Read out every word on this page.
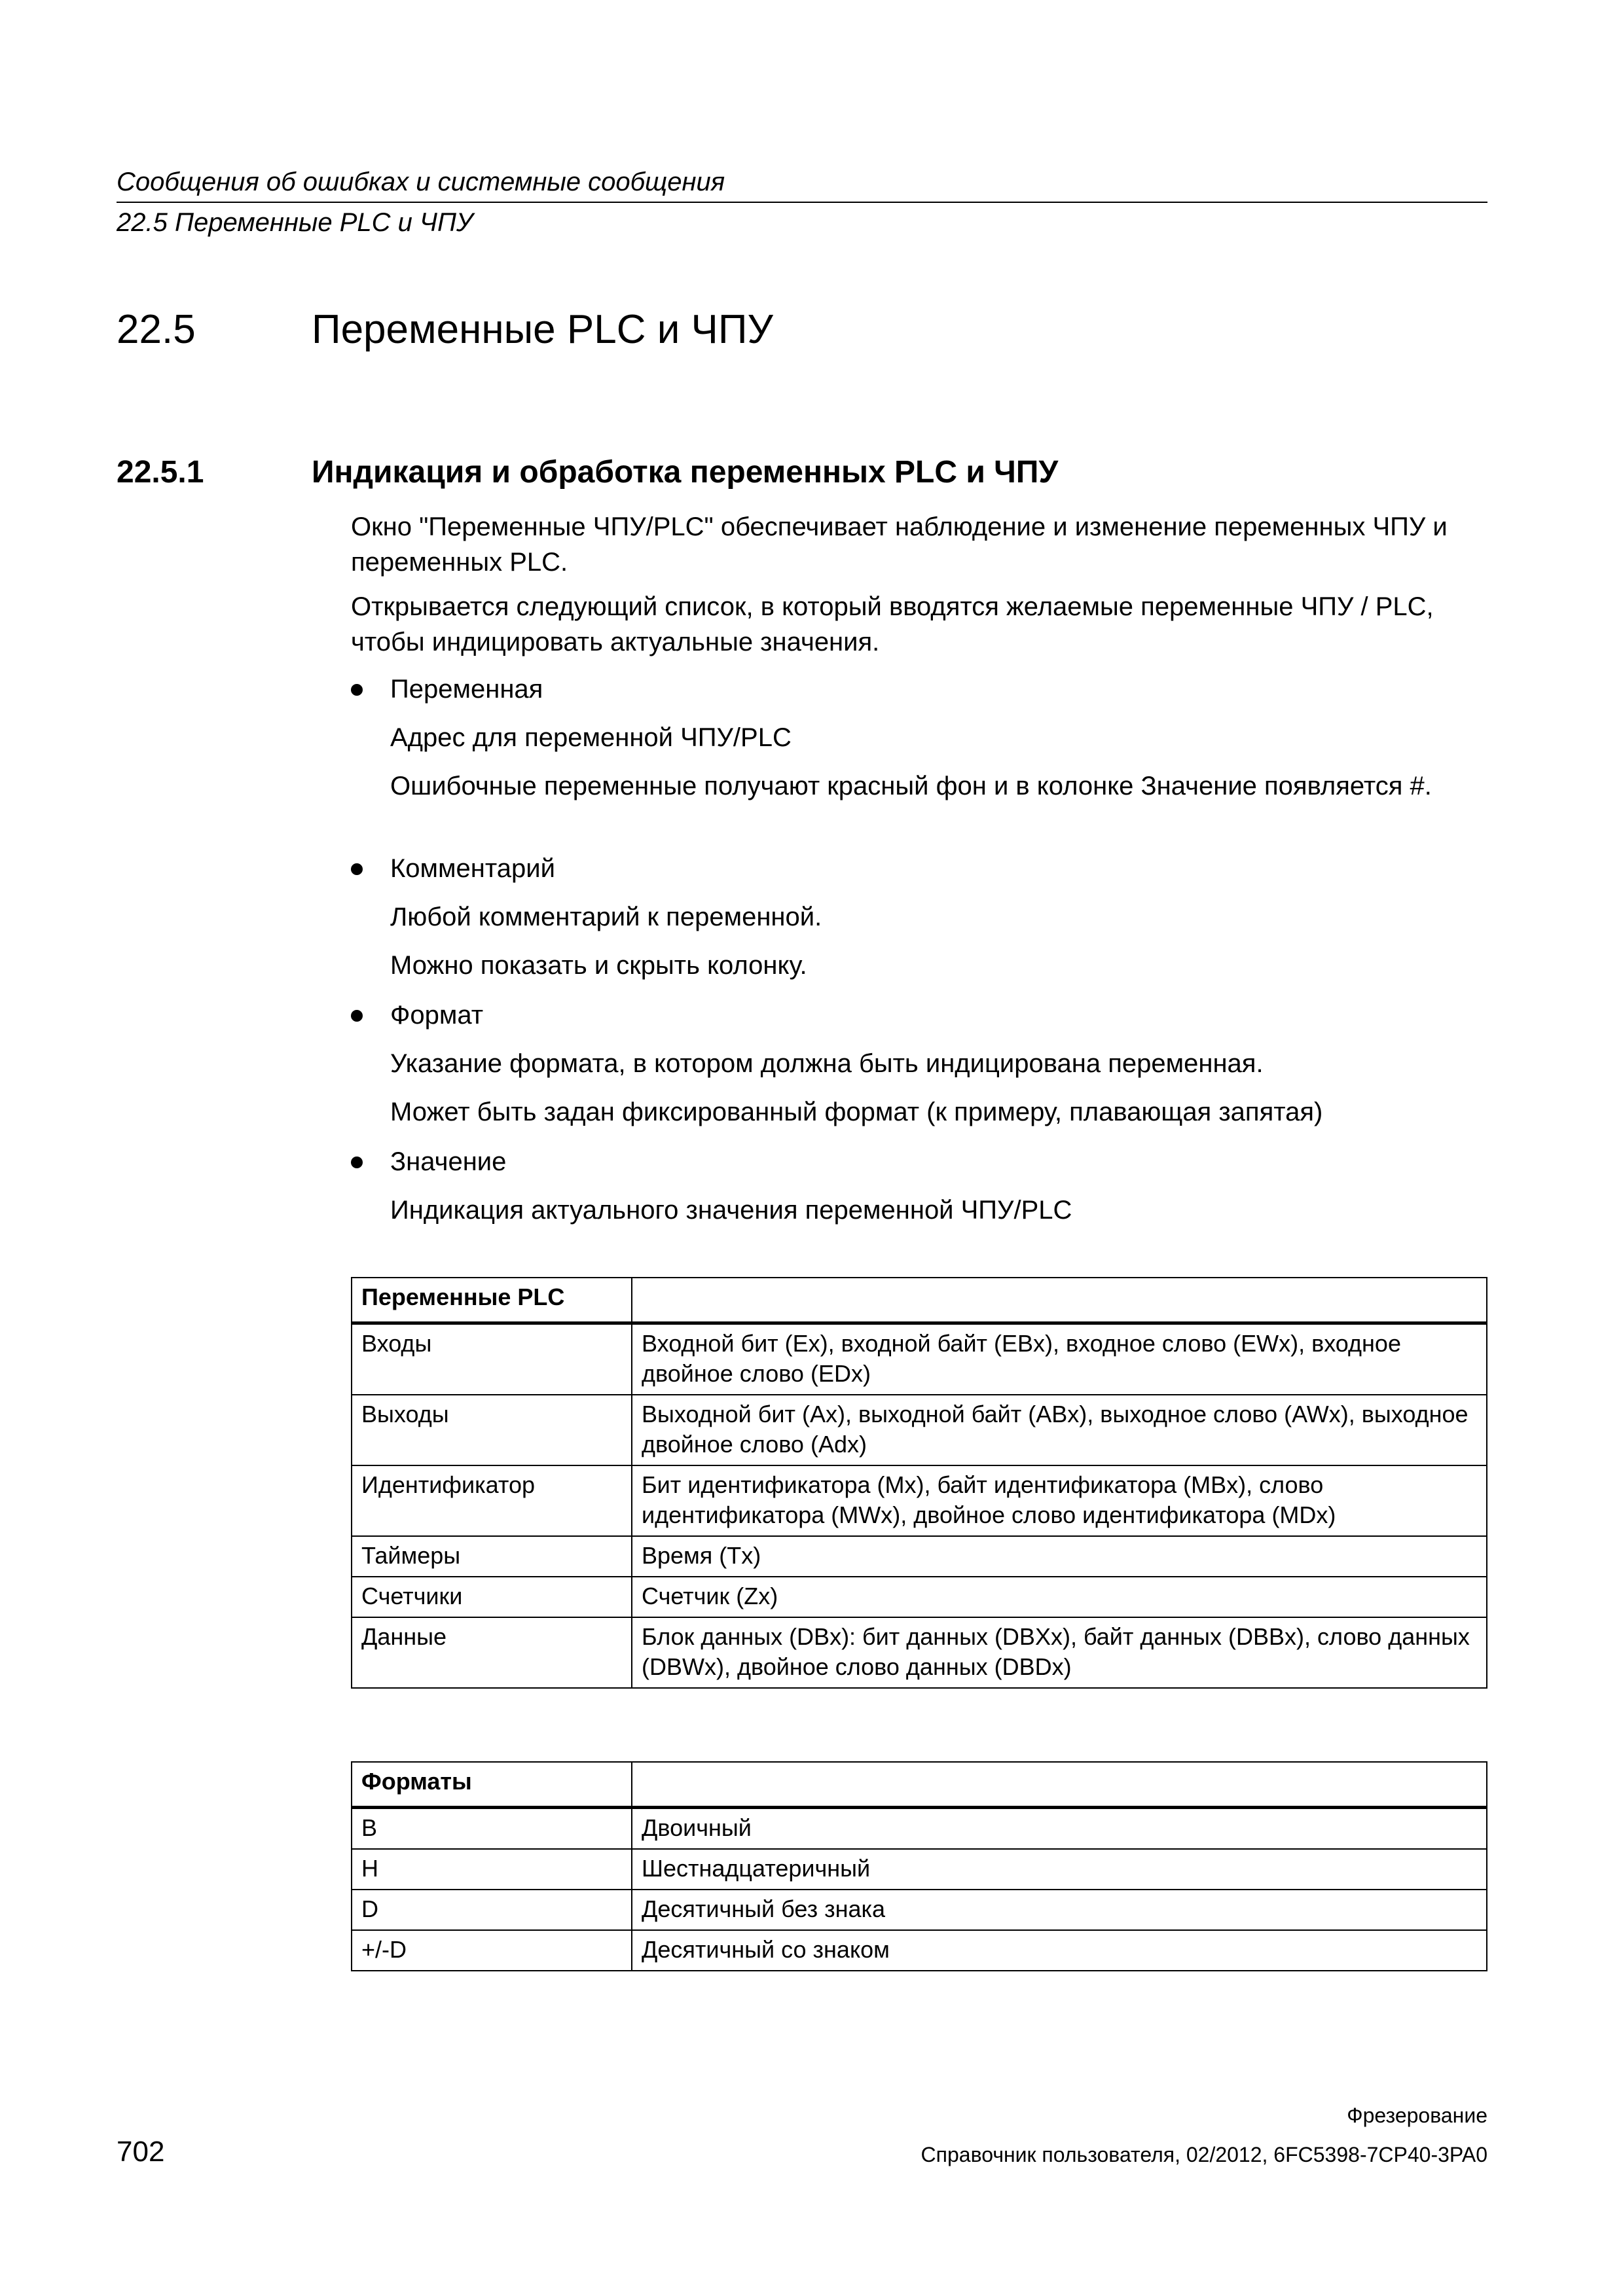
Сообщения об ошибках и системные сообщения
22.5 Переменные PLC и ЧПУ
22.5	Переменные PLC и ЧПУ
22.5.1	Индикация и обработка переменных PLC и ЧПУ
Окно "Переменные ЧПУ/PLC" обеспечивает наблюдение и изменение переменных ЧПУ и переменных PLC.
Открывается следующий список, в который вводятся желаемые переменные ЧПУ / PLC, чтобы индицировать актуальные значения.
Переменная
Адрес для переменной ЧПУ/PLC
Ошибочные переменные получают красный фон и в колонке Значение появляется #.
Комментарий
Любой комментарий к переменной.
Можно показать и скрыть колонку.
Формат
Указание формата, в котором должна быть индицирована переменная.
Может быть задан фиксированный формат (к примеру, плавающая запятая)
Значение
Индикация актуального значения переменной ЧПУ/PLC
Переменные PLC	
Входы	Входной бит (Ex), входной байт (EBx), входное слово (EWx), входное двойное слово (EDx)
Выходы	Выходной бит (Ax), выходной байт (ABx), выходное слово (AWx), выходное двойное слово (Adx)
Идентификатор	Бит идентификатора (Mx), байт идентификатора (MBx), слово идентификатора (MWx), двойное слово идентификатора (MDx)
Таймеры	Время (Tx)
Счетчики	Счетчик (Zx)
Данные	Блок данных (DBx): бит данных (DBXx), байт данных (DBBx), слово данных (DBWx), двойное слово данных (DBDx)
Форматы	
B	Двоичный
H	Шестнадцатеричный
D	Десятичный без знака
+/-D	Десятичный со знаком
Фрезерование
Справочник пользователя, 02/2012, 6FC5398-7CP40-3PA0
702
